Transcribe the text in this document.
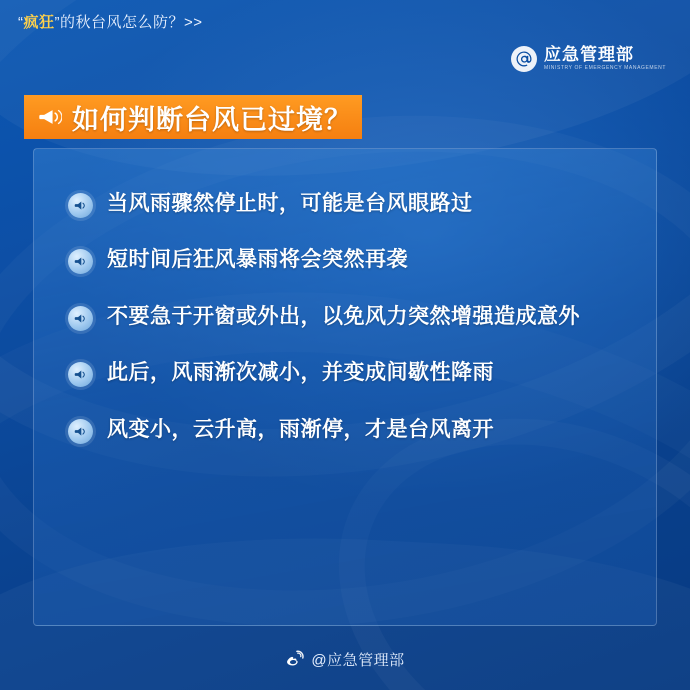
“疯狂”的秋台风怎么防？>>
应急管理部
MINISTRY OF EMERGENCY MANAGEMENT
如何判断台风已过境？
当风雨骤然停止时，可能是台风眼路过
短时间后狂风暴雨将会突然再袭
不要急于开窗或外出，以免风力突然增强造成意外
此后，风雨渐次减小，并变成间歇性降雨
风变小，云升高，雨渐停，才是台风离开
@应急管理部
